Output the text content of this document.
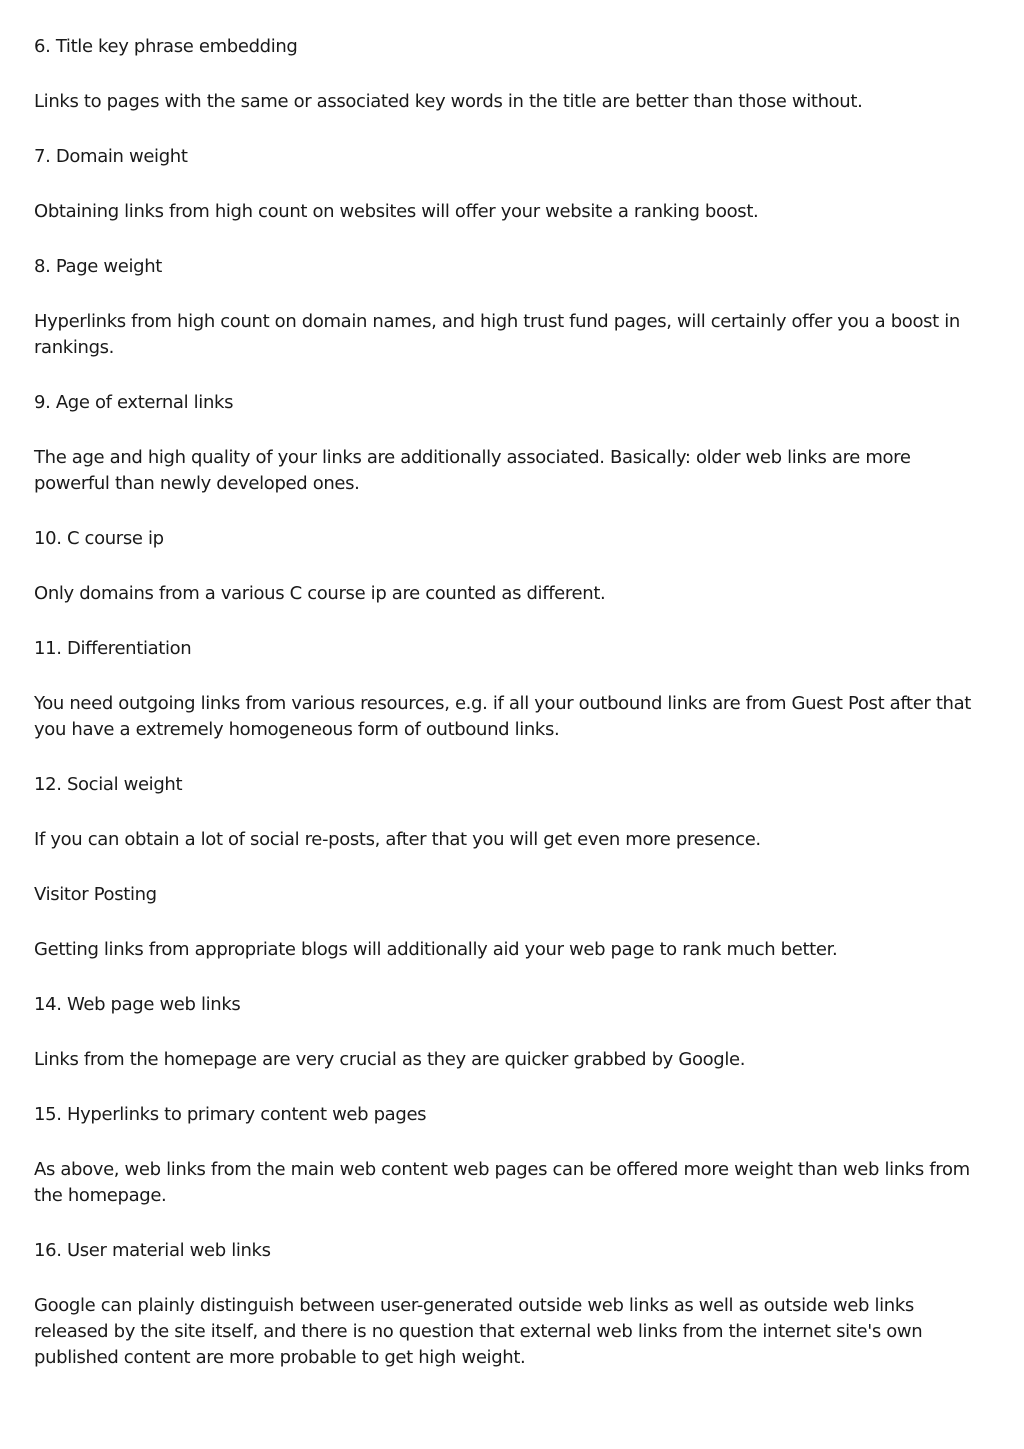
6. Title key phrase embedding

Links to pages with the same or associated key words in the title are better than those without.

7. Domain weight

Obtaining links from high count on websites will offer your website a ranking boost.

8. Page weight

Hyperlinks from high count on domain names, and high trust fund pages, will certainly offer you a boost in rankings.

9. Age of external links

The age and high quality of your links are additionally associated. Basically: older web links are more powerful than newly developed ones.

10. C course ip

Only domains from a various C course ip are counted as different.

11. Differentiation

You need outgoing links from various resources, e.g. if all your outbound links are from Guest Post after that you have a extremely homogeneous form of outbound links.

12. Social weight

If you can obtain a lot of social re-posts, after that you will get even more presence.

Visitor Posting

Getting links from appropriate blogs will additionally aid your web page to rank much better.

14. Web page web links

Links from the homepage are very crucial as they are quicker grabbed by Google.

15. Hyperlinks to primary content web pages

As above, web links from the main web content web pages can be offered more weight than web links from the homepage.

16. User material web links

Google can plainly distinguish between user-generated outside web links as well as outside web links released by the site itself, and there is no question that external web links from the internet site's own published content are more probable to get high weight.
